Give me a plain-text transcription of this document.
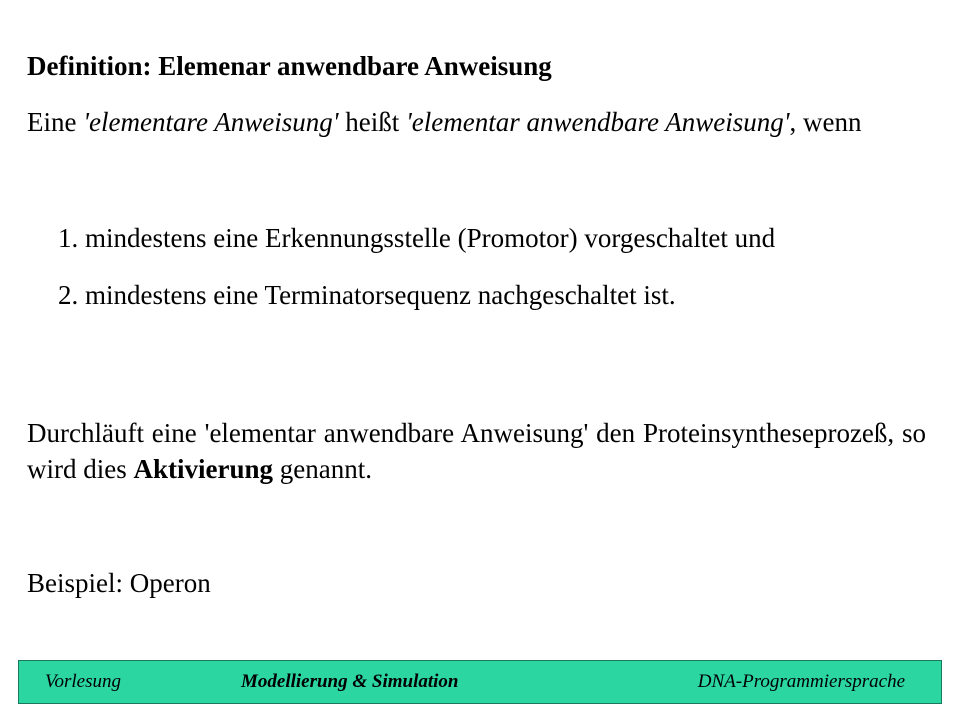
Definition: Elemenar anwendbare Anweisung
Eine 'elementare Anweisung' heißt 'elementar anwendbare Anweisung', wenn
1. mindestens eine Erkennungsstelle (Promotor) vorgeschaltet und
2. mindestens eine Terminatorsequenz nachgeschaltet ist.
Durchläuft eine 'elementar anwendbare Anweisung' den Proteinsyntheseprozeß, so wird dies Aktivierung genannt.
Beispiel: Operon
Vorlesung	Modellierung & Simulation	DNA-Programmiersprache
